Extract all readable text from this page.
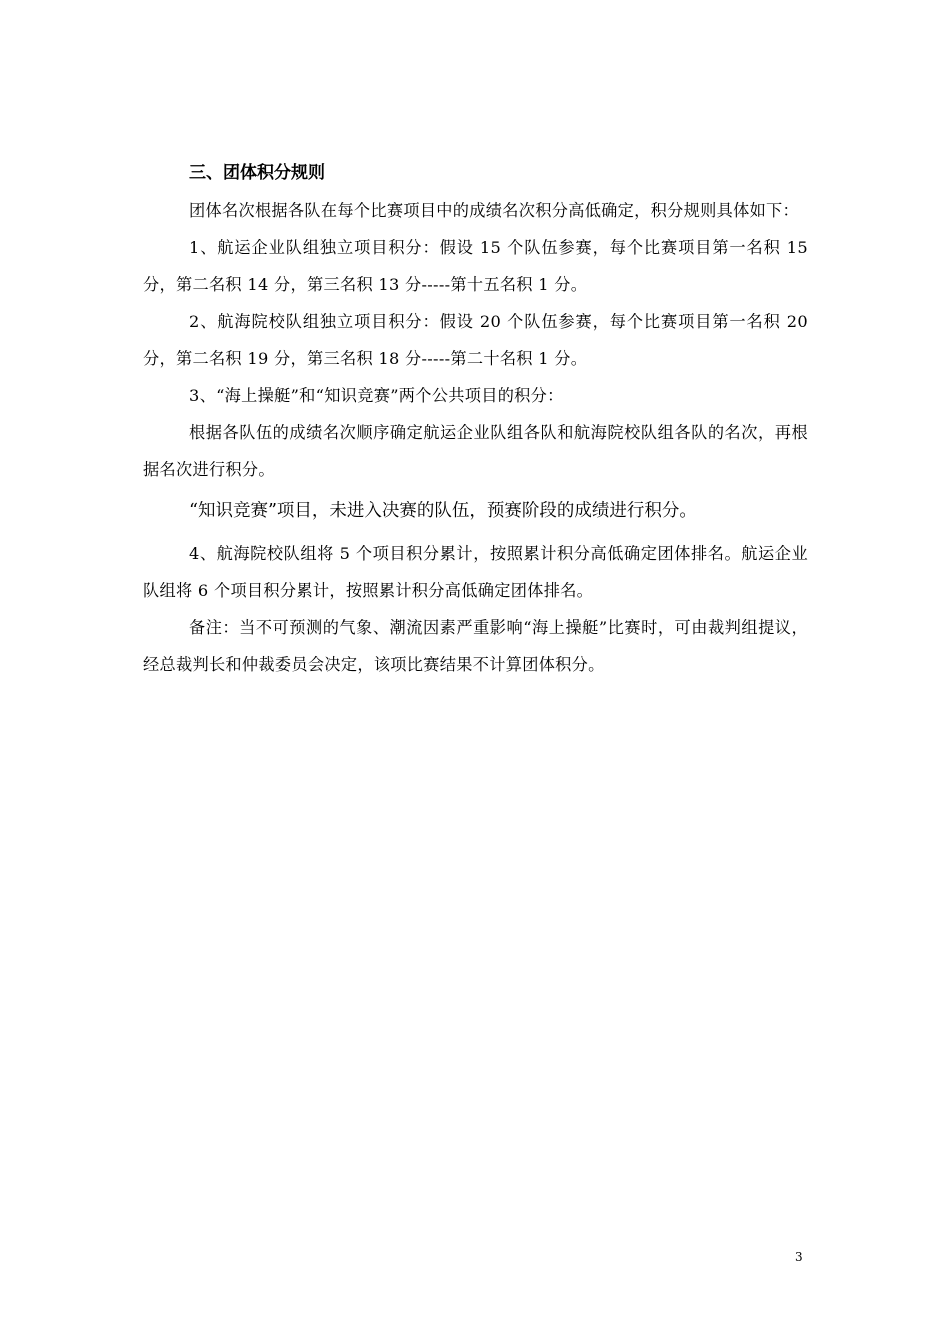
三、团体积分规则

团体名次根据各队在每个比赛项目中的成绩名次积分高低确定，积分规则具体如下：

1、航运企业队组独立项目积分：假设 15 个队伍参赛，每个比赛项目第一名积 15 分，第二名积 14 分，第三名积 13 分-----第十五名积 1 分。

2、航海院校队组独立项目积分：假设 20 个队伍参赛，每个比赛项目第一名积 20 分，第二名积 19 分，第三名积 18 分-----第二十名积 1 分。

3、“海上操艇”和“知识竞赛”两个公共项目的积分：

根据各队伍的成绩名次顺序确定航运企业队组各队和航海院校队组各队的名次，再根据名次进行积分。

“知识竞赛”项目，未进入决赛的队伍，预赛阶段的成绩进行积分。

4、航海院校队组将 5 个项目积分累计，按照累计积分高低确定团体排名。航运企业队组将 6 个项目积分累计，按照累计积分高低确定团体排名。

备注：当不可预测的气象、潮流因素严重影响“海上操艇”比赛时，可由裁判组提议，经总裁判长和仲裁委员会决定，该项比赛结果不计算团体积分。

3
